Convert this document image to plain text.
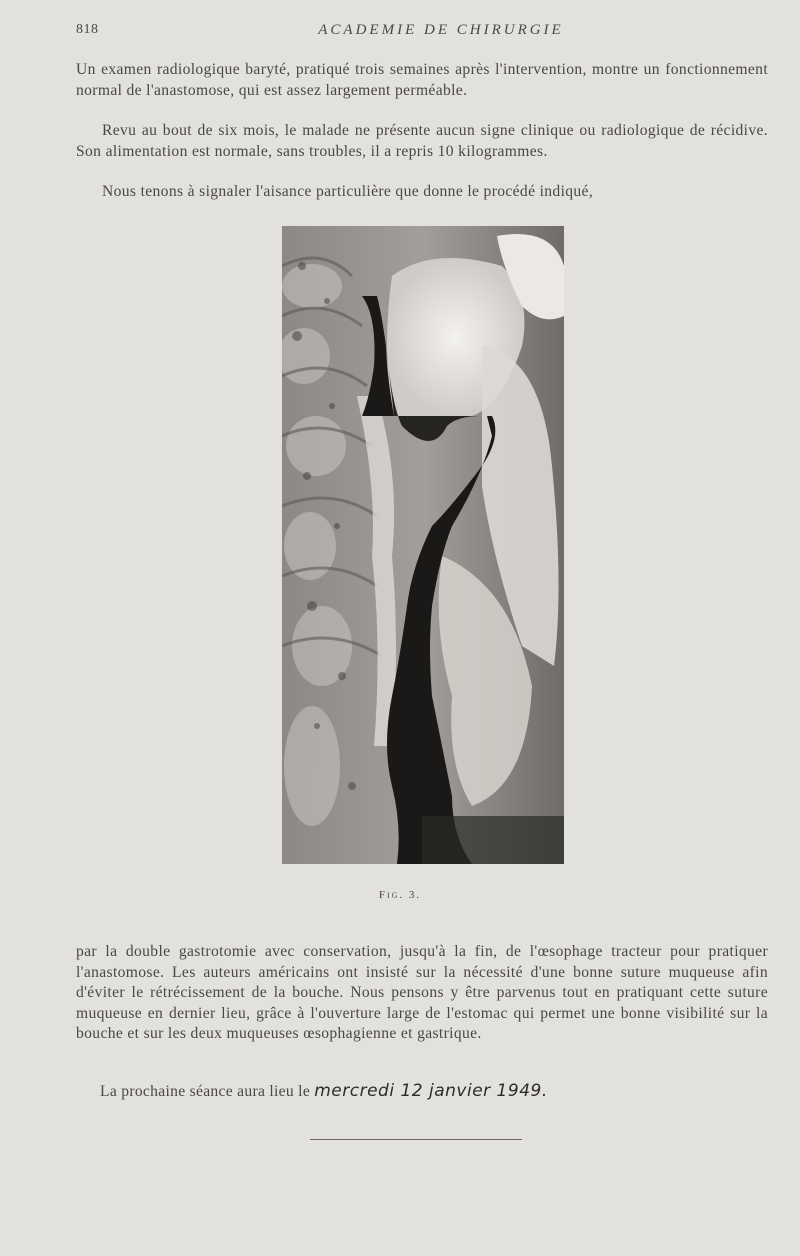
818	ACADEMIE DE CHIRURGIE

Un examen radiologique baryté, pratiqué trois semaines après l'intervention, montre un fonctionnement normal de l'anastomose, qui est assez largement perméable.

Revu au bout de six mois, le malade ne présente aucun signe clinique ou radiologique de récidive. Son alimentation est normale, sans troubles, il a repris 10 kilogrammes.

Nous tenons à signaler l'aisance particulière que donne le procédé indiqué,

Fig. 3.

par la double gastrotomie avec conservation, jusqu'à la fin, de l'œsophage tracteur pour pratiquer l'anastomose. Les auteurs américains ont insisté sur la nécessité d'une bonne suture muqueuse afin d'éviter le rétrécissement de la bouche. Nous pensons y être parvenus tout en pratiquant cette suture muqueuse en dernier lieu, grâce à l'ouverture large de l'estomac qui permet une bonne visibilité sur la bouche et sur les deux muqueuses œsophagienne et gastrique.

La prochaine séance aura lieu le mercredi 12 janvier 1949.
